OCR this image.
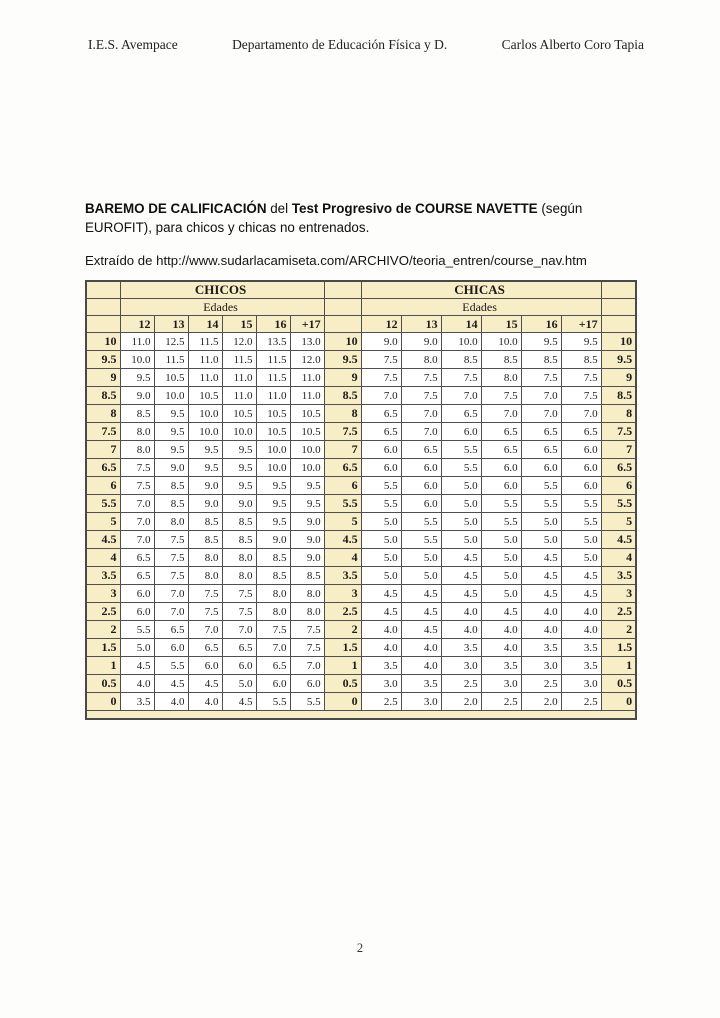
I.E.S. Avempace	Departamento de Educación Física y D.	Carlos Alberto Coro Tapia
BAREMO DE CALIFICACIÓN del Test Progresivo de COURSE NAVETTE (según EUROFIT), para chicos y chicas no entrenados.
Extraído de http://www.sudarlacamiseta.com/ARCHIVO/teoria_entren/course_nav.htm
	CHICOS							CHICAS						
	Edades							Edades						
	12	13	14	15	16	+17		12	13	14	15	16	+17	
10	11.0	12.5	11.5	12.0	13.5	13.0	10	9.0	9.0	10.0	10.0	9.5	9.5	10
9.5	10.0	11.5	11.0	11.5	11.5	12.0	9.5	7.5	8.0	8.5	8.5	8.5	8.5	9.5
9	9.5	10.5	11.0	11.0	11.5	11.0	9	7.5	7.5	7.5	8.0	7.5	7.5	9
8.5	9.0	10.0	10.5	11.0	11.0	11.0	8.5	7.0	7.5	7.0	7.5	7.0	7.5	8.5
8	8.5	9.5	10.0	10.5	10.5	10.5	8	6.5	7.0	6.5	7.0	7.0	7.0	8
7.5	8.0	9.5	10.0	10.0	10.5	10.5	7.5	6.5	7.0	6.0	6.5	6.5	6.5	7.5
7	8.0	9.5	9.5	9.5	10.0	10.0	7	6.0	6.5	5.5	6.5	6.5	6.0	7
6.5	7.5	9.0	9.5	9.5	10.0	10.0	6.5	6.0	6.0	5.5	6.0	6.0	6.0	6.5
6	7.5	8.5	9.0	9.5	9.5	9.5	6	5.5	6.0	5.0	6.0	5.5	6.0	6
5.5	7.0	8.5	9.0	9.0	9.5	9.5	5.5	5.5	6.0	5.0	5.5	5.5	5.5	5.5
5	7.0	8.0	8.5	8.5	9.5	9.0	5	5.0	5.5	5.0	5.5	5.0	5.5	5
4.5	7.0	7.5	8.5	8.5	9.0	9.0	4.5	5.0	5.5	5.0	5.0	5.0	5.0	4.5
4	6.5	7.5	8.0	8.0	8.5	9.0	4	5.0	5.0	4.5	5.0	4.5	5.0	4
3.5	6.5	7.5	8.0	8.0	8.5	8.5	3.5	5.0	5.0	4.5	5.0	4.5	4.5	3.5
3	6.0	7.0	7.5	7.5	8.0	8.0	3	4.5	4.5	4.5	5.0	4.5	4.5	3
2.5	6.0	7.0	7.5	7.5	8.0	8.0	2.5	4.5	4.5	4.0	4.5	4.0	4.0	2.5
2	5.5	6.5	7.0	7.0	7.5	7.5	2	4.0	4.5	4.0	4.0	4.0	4.0	2
1.5	5.0	6.0	6.5	6.5	7.0	7.5	1.5	4.0	4.0	3.5	4.0	3.5	3.5	1.5
1	4.5	5.5	6.0	6.0	6.5	7.0	1	3.5	4.0	3.0	3.5	3.0	3.5	1
0.5	4.0	4.5	4.5	5.0	6.0	6.0	0.5	3.0	3.5	2.5	3.0	2.5	3.0	0.5
0	3.5	4.0	4.0	4.5	5.5	5.5	0	2.5	3.0	2.0	2.5	2.0	2.5	0

2
